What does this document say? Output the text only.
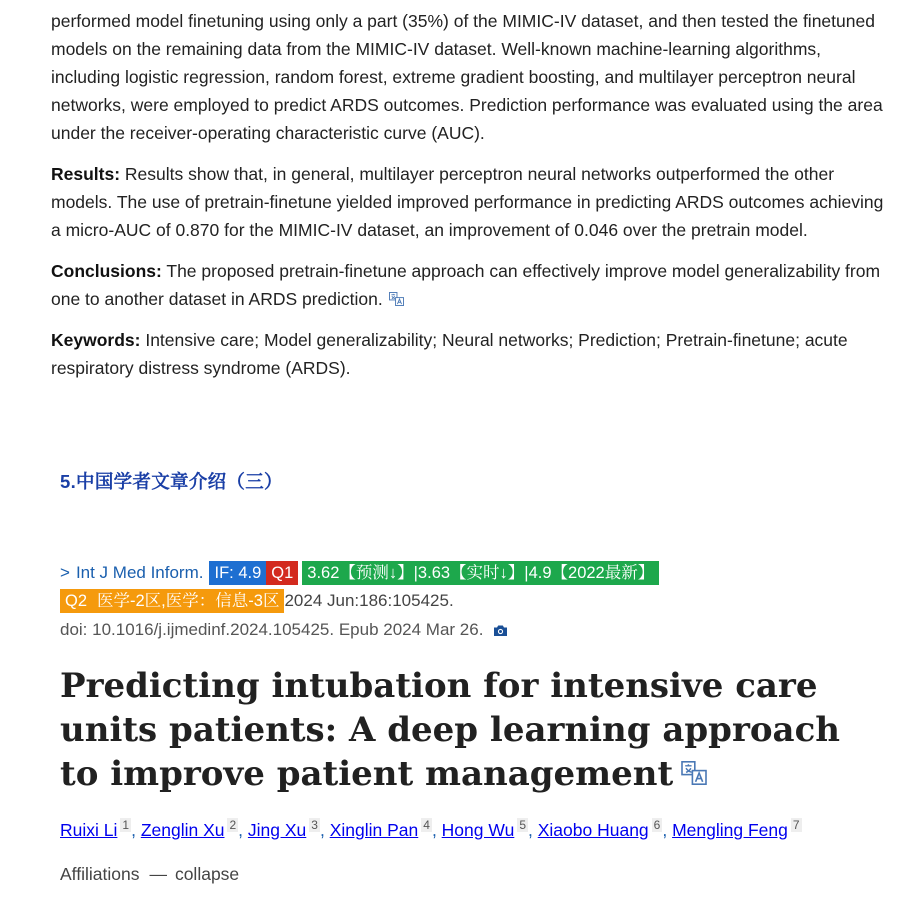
performed model finetuning using only a part (35%) of the MIMIC-IV dataset, and then tested the finetuned models on the remaining data from the MIMIC-IV dataset. Well-known machine-learning algorithms, including logistic regression, random forest, extreme gradient boosting, and multilayer perceptron neural networks, were employed to predict ARDS outcomes. Prediction performance was evaluated using the area under the receiver-operating characteristic curve (AUC).

Results: Results show that, in general, multilayer perceptron neural networks outperformed the other models. The use of pretrain-finetune yielded improved performance in predicting ARDS outcomes achieving a micro-AUC of 0.870 for the MIMIC-IV dataset, an improvement of 0.046 over the pretrain model.

Conclusions: The proposed pretrain-finetune approach can effectively improve model generalizability from one to another dataset in ARDS prediction.

Keywords: Intensive care; Model generalizability; Neural networks; Prediction; Pretrain-finetune; acute respiratory distress syndrome (ARDS).

5.中国学者文章介绍（三）
> Int J Med Inform. IF: 4.9 Q1 3.62【预测↓】|3.63【实时↓】|4.9【2022最新】
Q2 医学-2区,医学：信息-3区 2024 Jun:186:105425.
doi: 10.1016/j.ijmedinf.2024.105425. Epub 2024 Mar 26.
Predicting intubation for intensive care units patients: A deep learning approach to improve patient management
Ruixi Li $^1$ , Zenglin Xu $^2$ , Jing Xu $^3$ , Xinglin Pan $^4$ , Hong Wu $^5$ , Xiaobo Huang $^6$ , Mengling Feng $^7$
Affiliations — collapse
